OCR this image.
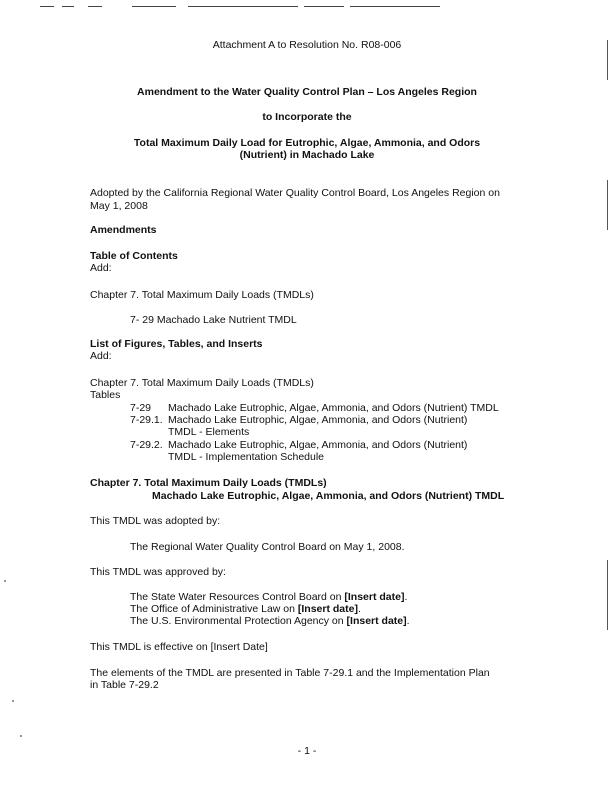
Attachment A to Resolution No. R08-006
Amendment to the Water Quality Control Plan – Los Angeles Region
to Incorporate the
Total Maximum Daily Load for Eutrophic, Algae, Ammonia, and Odors
(Nutrient) in Machado Lake
Adopted by the California Regional Water Quality Control Board, Los Angeles Region on
May 1, 2008
Amendments
Table of Contents
Add:
Chapter 7. Total Maximum Daily Loads (TMDLs)
7- 29 Machado Lake Nutrient TMDL
List of Figures, Tables, and Inserts
Add:
Chapter 7. Total Maximum Daily Loads (TMDLs)
Tables
7-29 Machado Lake Eutrophic, Algae, Ammonia, and Odors (Nutrient) TMDL
7-29.1. Machado Lake Eutrophic, Algae, Ammonia, and Odors (Nutrient)
TMDL - Elements
7-29.2. Machado Lake Eutrophic, Algae, Ammonia, and Odors (Nutrient)
TMDL - Implementation Schedule
Chapter 7. Total Maximum Daily Loads (TMDLs)
Machado Lake Eutrophic, Algae, Ammonia, and Odors (Nutrient) TMDL
This TMDL was adopted by:
The Regional Water Quality Control Board on May 1, 2008.
This TMDL was approved by:
The State Water Resources Control Board on [Insert date].
The Office of Administrative Law on [Insert date].
The U.S. Environmental Protection Agency on [Insert date].
This TMDL is effective on [Insert Date]
The elements of the TMDL are presented in Table 7-29.1 and the Implementation Plan
in Table 7-29.2
- 1 -
